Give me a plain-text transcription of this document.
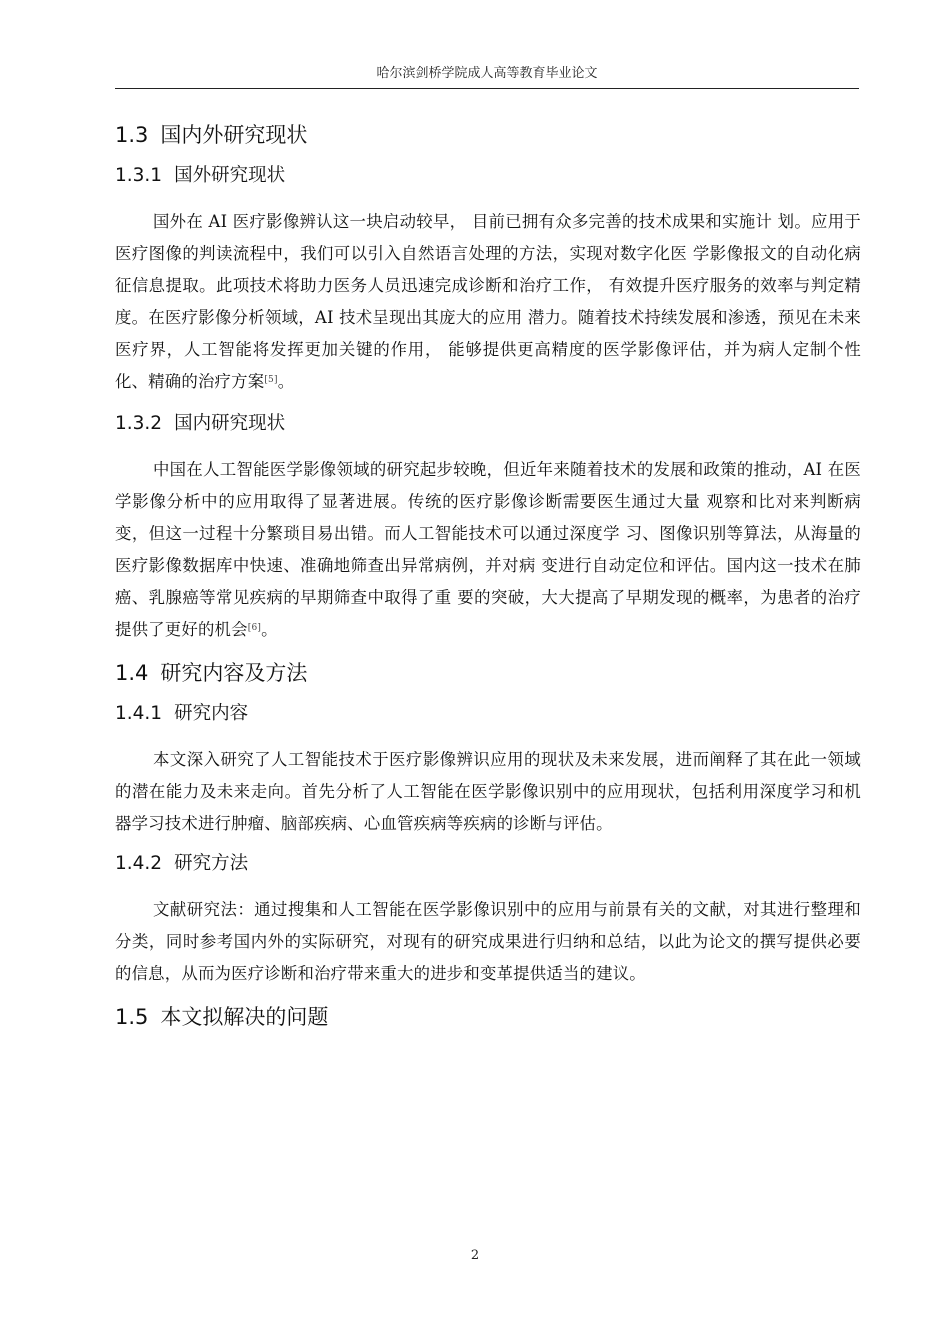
哈尔滨剑桥学院成人高等教育毕业论文
1.3 国内外研究现状
1.3.1 国外研究现状

国外在 AI 医疗影像辨认这一块启动较早， 目前已拥有众多完善的技术成果和实施计 划。应用于医疗图像的判读流程中，我们可以引入自然语言处理的方法，实现对数字化医 学影像报文的自动化病征信息提取。此项技术将助力医务人员迅速完成诊断和治疗工作， 有效提升医疗服务的效率与判定精度。在医疗影像分析领域，AI 技术呈现出其庞大的应用 潜力。随着技术持续发展和渗透，预见在未来医疗界，人工智能将发挥更加关键的作用， 能够提供更高精度的医学影像评估，并为病人定制个性化、精确的治疗方案[5]。

1.3.2 国内研究现状

中国在人工智能医学影像领域的研究起步较晚，但近年来随着技术的发展和政策的推动，AI 在医学影像分析中的应用取得了显著进展。传统的医疗影像诊断需要医生通过大量 观察和比对来判断病变，但这一过程十分繁琐目易出错。而人工智能技术可以通过深度学 习、图像识别等算法，从海量的医疗影像数据库中快速、准确地筛查出异常病例，并对病 变进行自动定位和评估。国内这一技术在肺癌、乳腺癌等常见疾病的早期筛查中取得了重 要的突破，大大提高了早期发现的概率，为患者的治疗提供了更好的机会[6]。

1.4 研究内容及方法
1.4.1 研究内容

本文深入研究了人工智能技术于医疗影像辨识应用的现状及未来发展，进而阐释了其在此一领域的潜在能力及未来走向。首先分析了人工智能在医学影像识别中的应用现状，包括利用深度学习和机器学习技术进行肿瘤、脑部疾病、心血管疾病等疾病的诊断与评估。

1.4.2 研究方法

文献研究法：通过搜集和人工智能在医学影像识别中的应用与前景有关的文献，对其进行整理和分类，同时参考国内外的实际研究，对现有的研究成果进行归纳和总结，以此为论文的撰写提供必要的信息，从而为医疗诊断和治疗带来重大的进步和变革提供适当的建议。

1.5 本文拟解决的问题
2
